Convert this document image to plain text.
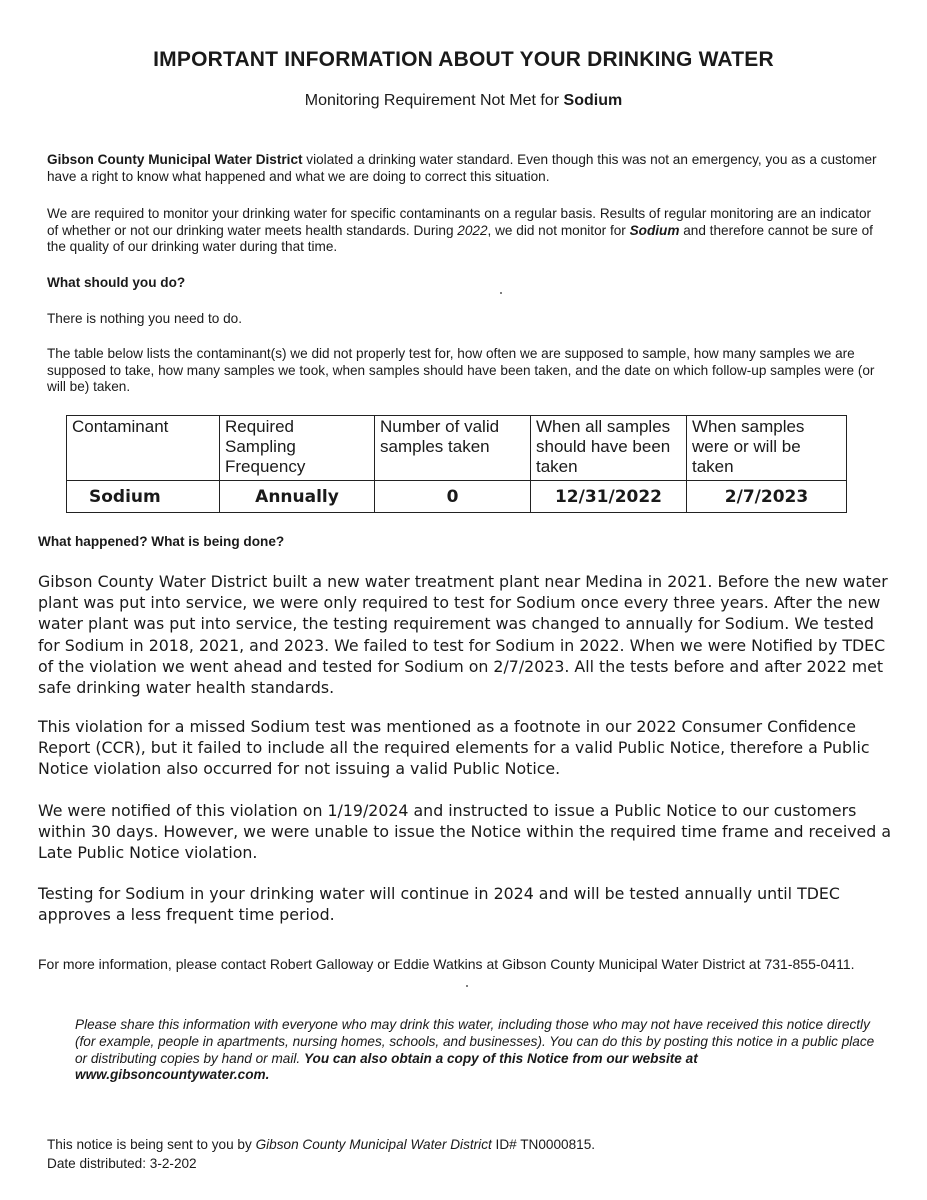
IMPORTANT INFORMATION ABOUT YOUR DRINKING WATER
Monitoring Requirement Not Met for Sodium
Gibson County Municipal Water District violated a drinking water standard. Even though this was not an emergency, you as a customer have a right to know what happened and what we are doing to correct this situation.
We are required to monitor your drinking water for specific contaminants on a regular basis. Results of regular monitoring are an indicator of whether or not our drinking water meets health standards. During 2022, we did not monitor for Sodium and therefore cannot be sure of the quality of our drinking water during that time.
What should you do?
There is nothing you need to do.
The table below lists the contaminant(s) we did not properly test for, how often we are supposed to sample, how many samples we are supposed to take, how many samples we took, when samples should have been taken, and the date on which follow-up samples were (or will be) taken.
Contaminant	Required Sampling Frequency	Number of valid samples taken	When all samples should have been taken	When samples were or will be taken
Sodium	Annually	0	12/31/2022	2/7/2023
What happened? What is being done?
Gibson County Water District built a new water treatment plant near Medina in 2021. Before the new water plant was put into service, we were only required to test for Sodium once every three years. After the new water plant was put into service, the testing requirement was changed to annually for Sodium. We tested for Sodium in 2018, 2021, and 2023. We failed to test for Sodium in 2022. When we were Notified by TDEC of the violation we went ahead and tested for Sodium on 2/7/2023. All the tests before and after 2022 met safe drinking water health standards.
This violation for a missed Sodium test was mentioned as a footnote in our 2022 Consumer Confidence Report (CCR), but it failed to include all the required elements for a valid Public Notice, therefore a Public Notice violation also occurred for not issuing a valid Public Notice.
We were notified of this violation on 1/19/2024 and instructed to issue a Public Notice to our customers within 30 days. However, we were unable to issue the Notice within the required time frame and received a Late Public Notice violation.
Testing for Sodium in your drinking water will continue in 2024 and will be tested annually until TDEC approves a less frequent time period.
For more information, please contact Robert Galloway or Eddie Watkins at Gibson County Municipal Water District at 731-855-0411.
Please share this information with everyone who may drink this water, including those who may not have received this notice directly (for example, people in apartments, nursing homes, schools, and businesses). You can do this by posting this notice in a public place or distributing copies by hand or mail. You can also obtain a copy of this Notice from our website at www.gibsoncountywater.com.
This notice is being sent to you by Gibson County Municipal Water District ID# TN0000815.
Date distributed: 3-2-202
